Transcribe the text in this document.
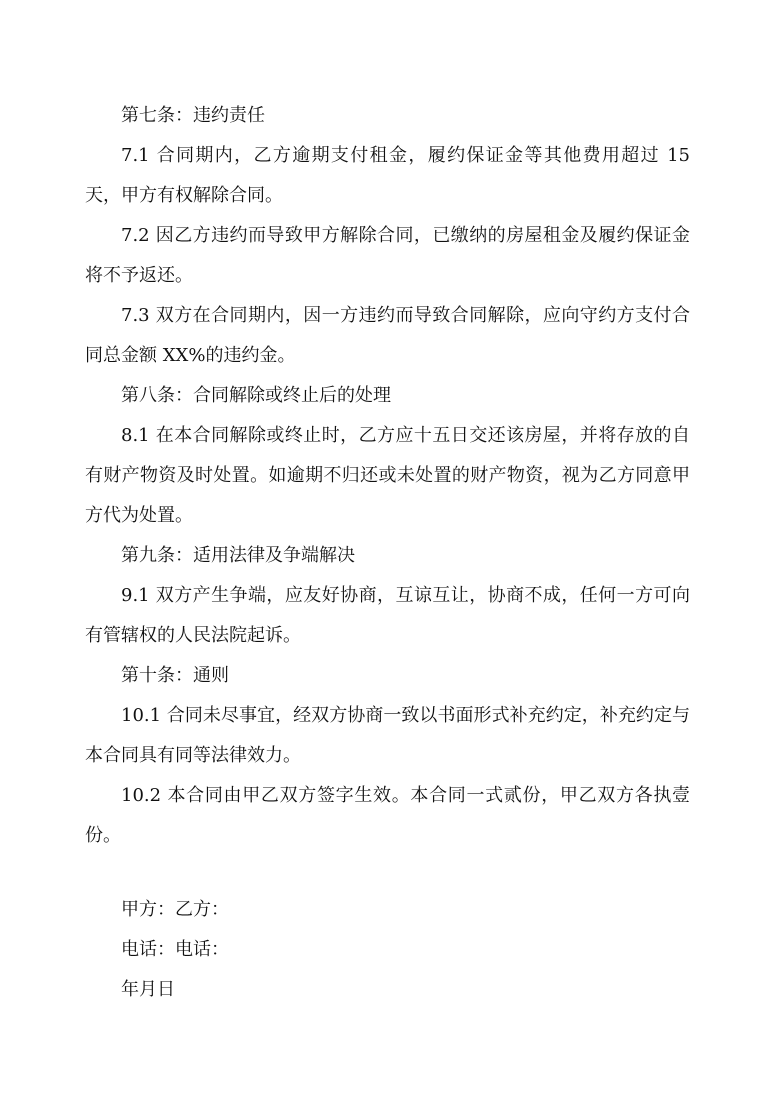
第七条：违约责任

7.1 合同期内，乙方逾期支付租金，履约保证金等其他费用超过 15 天，甲方有权解除合同。

7.2 因乙方违约而导致甲方解除合同，已缴纳的房屋租金及履约保证金将不予返还。

7.3 双方在合同期内，因一方违约而导致合同解除，应向守约方支付合同总金额 XX%的违约金。

第八条：合同解除或终止后的处理

8.1 在本合同解除或终止时，乙方应十五日交还该房屋，并将存放的自有财产物资及时处置。如逾期不归还或未处置的财产物资，视为乙方同意甲方代为处置。

第九条：适用法律及争端解决

9.1 双方产生争端，应友好协商，互谅互让，协商不成，任何一方可向有管辖权的人民法院起诉。

第十条：通则

10.1 合同未尽事宜，经双方协商一致以书面形式补充约定，补充约定与本合同具有同等法律效力。

10.2 本合同由甲乙双方签字生效。本合同一式贰份，甲乙双方各执壹份。

甲方：乙方：

电话：电话：

年月日
